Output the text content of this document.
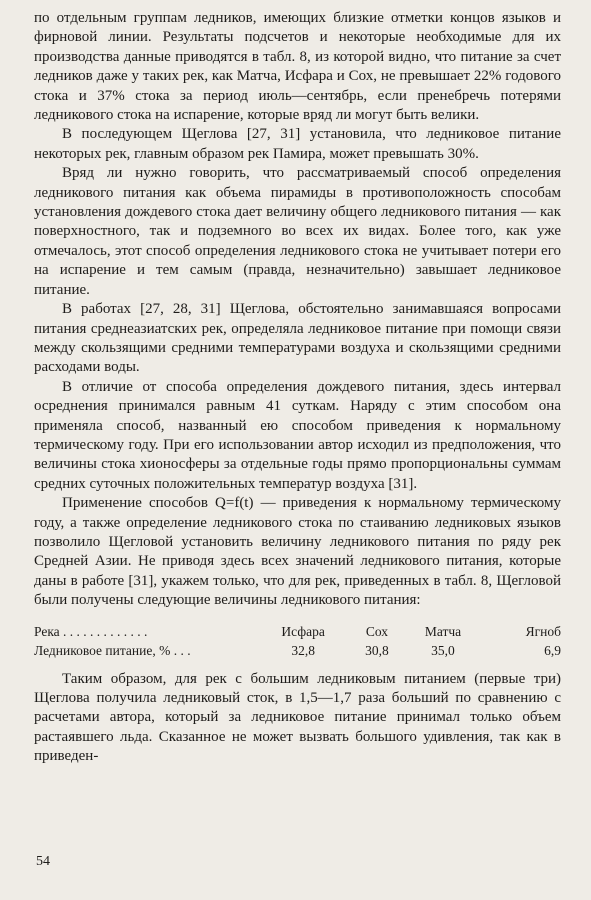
по отдельным группам ледников, имеющих близкие отметки концов языков и фирновой линии. Результаты подсчетов и некоторые необходимые для их производства данные приводятся в табл. 8, из которой видно, что питание за счет ледников даже у таких рек, как Матча, Исфара и Сох, не превышает 22% годового стока и 37% стока за период июль—сентябрь, если пренебречь потерями ледникового стока на испарение, которые вряд ли могут быть велики.

В последующем Щеглова [27, 31] установила, что ледниковое питание некоторых рек, главным образом рек Памира, может превышать 30%.

Вряд ли нужно говорить, что рассматриваемый способ определения ледникового питания как объема пирамиды в противоположность способам установления дождевого стока дает величину общего ледникового питания — как поверхностного, так и подземного во всех их видах. Более того, как уже отмечалось, этот способ определения ледникового стока не учитывает потери его на испарение и тем самым (правда, незначительно) завышает ледниковое питание.

В работах [27, 28, 31] Щеглова, обстоятельно занимавшаяся вопросами питания среднеазиатских рек, определяла ледниковое питание при помощи связи между скользящими средними температурами воздуха и скользящими средними расходами воды.

В отличие от способа определения дождевого питания, здесь интервал осреднения принимался равным 41 суткам. Наряду с этим способом она применяла способ, названный ею способом приведения к нормальному термическому году. При его использовании автор исходил из предположения, что величины стока хионосферы за отдельные годы прямо пропорциональны суммам средних суточных положительных температур воздуха [31].

Применение способов Q=f(t) — приведения к нормальному термическому году, а также определение ледникового стока по стаиванию ледниковых языков позволило Щегловой установить величину ледникового питания по ряду рек Средней Азии. Не приводя здесь всех значений ледникового питания, которые даны в работе [31], укажем только, что для рек, приведенных в табл. 8, Щегловой были получены следующие величины ледникового питания:

Река . . . . . . . . . . . . .	Исфара	Сох	Матча	Ягноб
Ледниковое питание, % . . .	32,8	30,8	35,0	6,9

Таким образом, для рек с большим ледниковым питанием (первые три) Щеглова получила ледниковый сток, в 1,5—1,7 раза больший по сравнению с расчетами автора, который за ледниковое питание принимал только объем растаявшего льда. Сказанное не может вызвать большого удивления, так как в приведен-

54
